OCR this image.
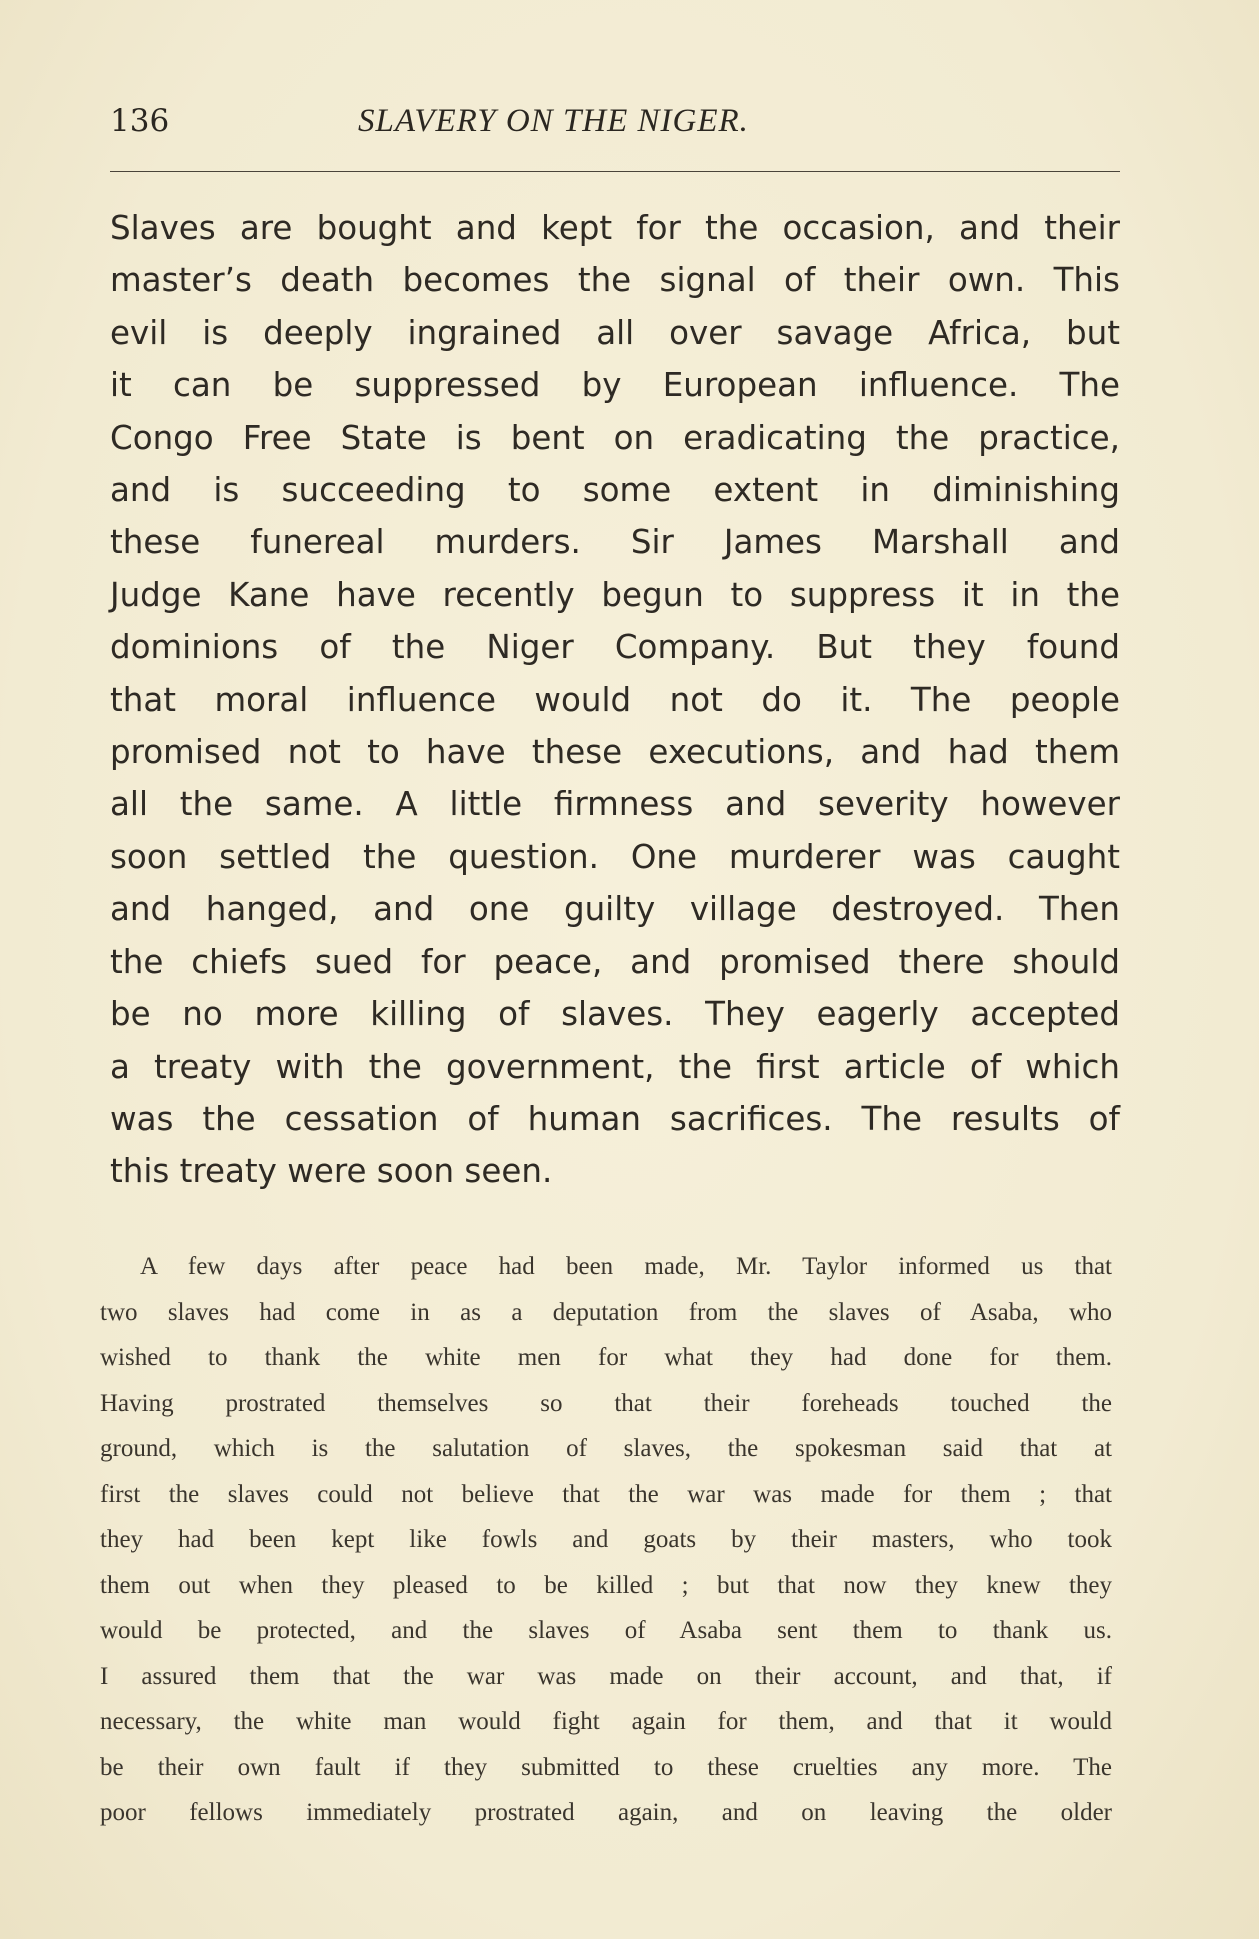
136	SLAVERY ON THE NIGER.

Slaves are bought and kept for the occasion, and their
master’s death becomes the signal of their own. This
evil is deeply ingrained all over savage Africa, but
it can be suppressed by European influence. The
Congo Free State is bent on eradicating the practice,
and is succeeding to some extent in diminishing
these funereal murders. Sir James Marshall and
Judge Kane have recently begun to suppress it in the
dominions of the Niger Company. But they found
that moral influence would not do it. The people
promised not to have these executions, and had them
all the same. A little firmness and severity however
soon settled the question. One murderer was caught
and hanged, and one guilty village destroyed. Then
the chiefs sued for peace, and promised there should
be no more killing of slaves. They eagerly accepted
a treaty with the government, the first article of which
was the cessation of human sacrifices. The results of
this treaty were soon seen.

A few days after peace had been made, Mr. Taylor informed us that
two slaves had come in as a deputation from the slaves of Asaba, who
wished to thank the white men for what they had done for them.
Having prostrated themselves so that their foreheads touched the
ground, which is the salutation of slaves, the spokesman said that at
first the slaves could not believe that the war was made for them ; that
they had been kept like fowls and goats by their masters, who took
them out when they pleased to be killed ; but that now they knew they
would be protected, and the slaves of Asaba sent them to thank us.
I assured them that the war was made on their account, and that, if
necessary, the white man would fight again for them, and that it would
be their own fault if they submitted to these cruelties any more. The
poor fellows immediately prostrated again, and on leaving the older
